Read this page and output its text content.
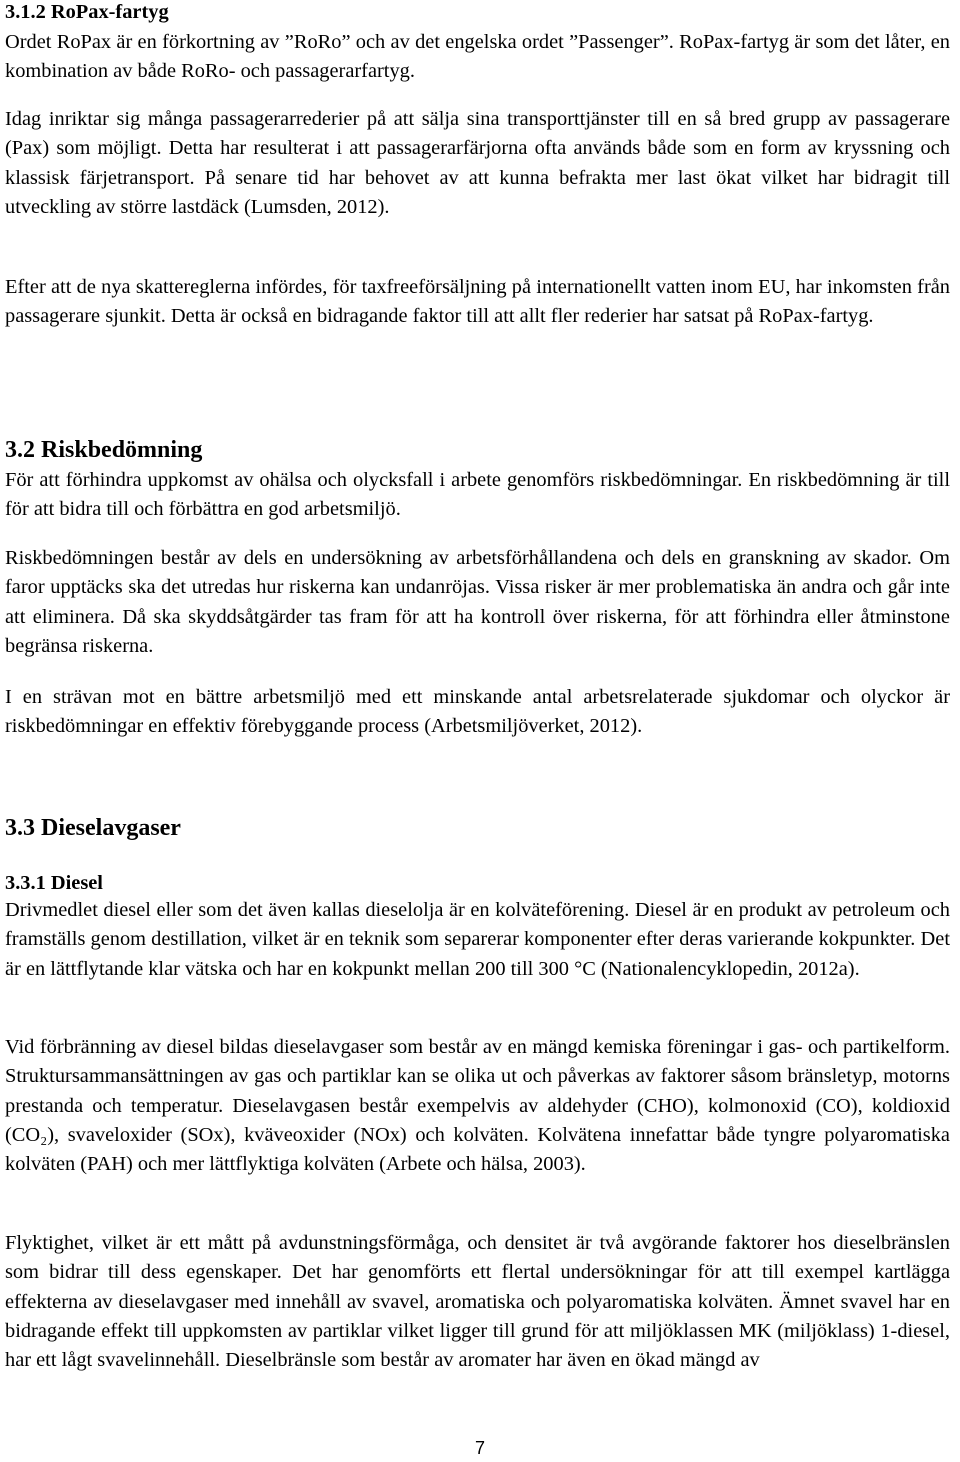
3.1.2 RoPax-fartyg

Ordet RoPax är en förkortning av ”RoRo” och av det engelska ordet ”Passenger”. RoPax-fartyg är som det låter, en kombination av både RoRo- och passagerarfartyg.

Idag inriktar sig många passagerarrederier på att sälja sina transporttjänster till en så bred grupp av passagerare (Pax) som möjligt. Detta har resulterat i att passagerarfärjorna ofta används både som en form av kryssning och klassisk färjetransport. På senare tid har behovet av att kunna befrakta mer last ökat vilket har bidragit till utveckling av större lastdäck (Lumsden, 2012).

Efter att de nya skattereglerna infördes, för taxfreeförsäljning på internationellt vatten inom EU, har inkomsten från passagerare sjunkit. Detta är också en bidragande faktor till att allt fler rederier har satsat på RoPax-fartyg.

3.2 Riskbedömning

För att förhindra uppkomst av ohälsa och olycksfall i arbete genomförs riskbedömningar. En riskbedömning är till för att bidra till och förbättra en god arbetsmiljö.

Riskbedömningen består av dels en undersökning av arbetsförhållandena och dels en granskning av skador. Om faror upptäcks ska det utredas hur riskerna kan undanröjas. Vissa risker är mer problematiska än andra och går inte att eliminera. Då ska skyddsåtgärder tas fram för att ha kontroll över riskerna, för att förhindra eller åtminstone begränsa riskerna.

I en strävan mot en bättre arbetsmiljö med ett minskande antal arbetsrelaterade sjukdomar och olyckor är riskbedömningar en effektiv förebyggande process (Arbetsmiljöverket, 2012).

3.3 Dieselavgaser
3.3.1 Diesel

Drivmedlet diesel eller som det även kallas dieselolja är en kolväteförening. Diesel är en produkt av petroleum och framställs genom destillation, vilket är en teknik som separerar komponenter efter deras varierande kokpunkter. Det är en lättflytande klar vätska och har en kokpunkt mellan 200 till 300 °C (Nationalencyklopedin, 2012a).

Vid förbränning av diesel bildas dieselavgaser som består av en mängd kemiska föreningar i gas- och partikelform. Struktursammansättningen av gas och partiklar kan se olika ut och påverkas av faktorer såsom bränsletyp, motorns prestanda och temperatur. Dieselavgasen består exempelvis av aldehyder (CHO), kolmonoxid (CO), koldioxid (CO₂), svaveloxider (SOx), kväveoxider (NOx) och kolväten. Kolvätena innefattar både tyngre polyaromatiska kolväten (PAH) och mer lättflyktiga kolväten (Arbete och hälsa, 2003).

Flyktighet, vilket är ett mått på avdunstningsförmåga, och densitet är två avgörande faktorer hos dieselbränslen som bidrar till dess egenskaper. Det har genomförts ett flertal undersökningar för att till exempel kartlägga effekterna av dieselavgaser med innehåll av svavel, aromatiska och polyaromatiska kolväten. Ämnet svavel har en bidragande effekt till uppkomsten av partiklar vilket ligger till grund för att miljöklassen MK (miljöklass) 1-diesel, har ett lågt svavelinnehåll. Dieselbränsle som består av aromater har även en ökad mängd av

7
